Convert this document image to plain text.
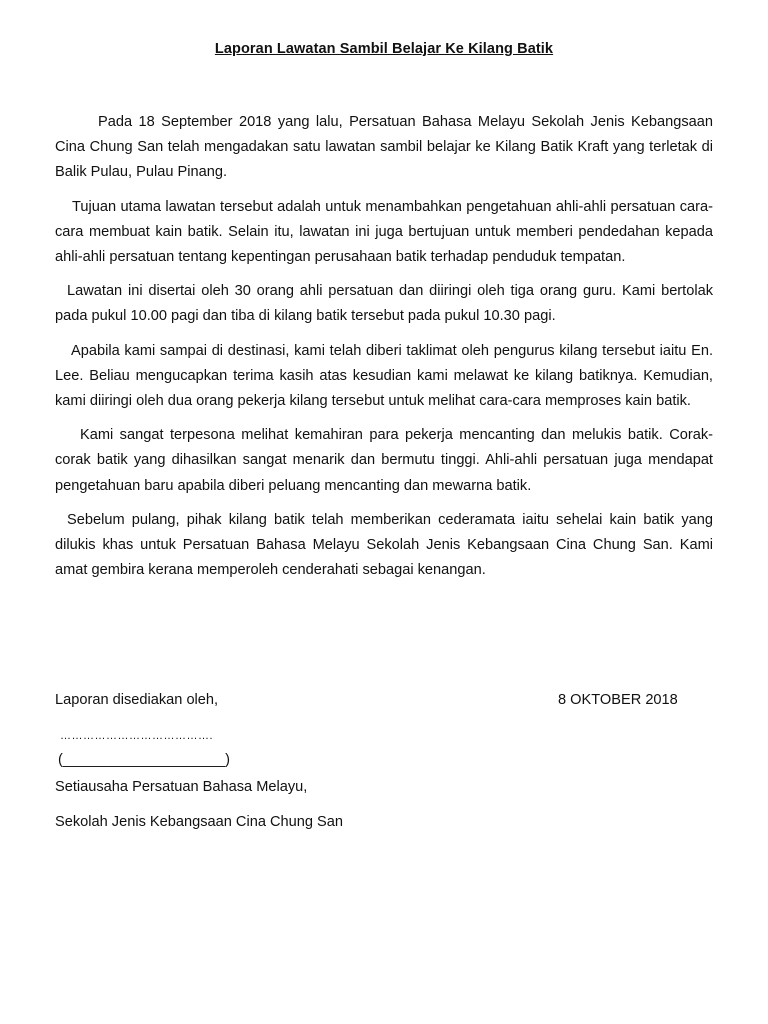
Laporan Lawatan Sambil Belajar Ke Kilang Batik

Pada 18 September 2018 yang lalu, Persatuan Bahasa Melayu Sekolah Jenis Kebangsaan Cina Chung San telah mengadakan satu lawatan sambil belajar ke Kilang Batik Kraft yang terletak di Balik Pulau, Pulau Pinang.

Tujuan utama lawatan tersebut adalah untuk menambahkan pengetahuan ahli-ahli persatuan cara-cara membuat kain batik. Selain itu, lawatan ini juga bertujuan untuk memberi pendedahan kepada ahli-ahli persatuan tentang kepentingan perusahaan batik terhadap penduduk tempatan.

Lawatan ini disertai oleh 30 orang ahli persatuan dan diiringi oleh tiga orang guru. Kami bertolak pada pukul 10.00 pagi dan tiba di kilang batik tersebut pada pukul 10.30 pagi.

Apabila kami sampai di destinasi, kami telah diberi taklimat oleh pengurus kilang tersebut iaitu En. Lee. Beliau mengucapkan terima kasih atas kesudian kami melawat ke kilang batiknya. Kemudian, kami diiringi oleh dua orang pekerja kilang tersebut untuk melihat cara-cara memproses kain batik.

Kami sangat terpesona melihat kemahiran para pekerja mencanting dan melukis batik. Corak-corak batik yang dihasilkan sangat menarik dan bermutu tinggi. Ahli-ahli persatuan juga mendapat pengetahuan baru apabila diberi peluang mencanting dan mewarna batik.

Sebelum pulang, pihak kilang batik telah memberikan cederamata iaitu sehelai kain batik yang dilukis khas untuk Persatuan Bahasa Melayu Sekolah Jenis Kebangsaan Cina Chung San. Kami amat gembira kerana memperoleh cenderahati sebagai kenangan.

Laporan disediakan oleh,	8 OKTOBER 2018
………………………………….
(____________________)
Setiausaha Persatuan Bahasa Melayu,
Sekolah Jenis Kebangsaan Cina Chung San
